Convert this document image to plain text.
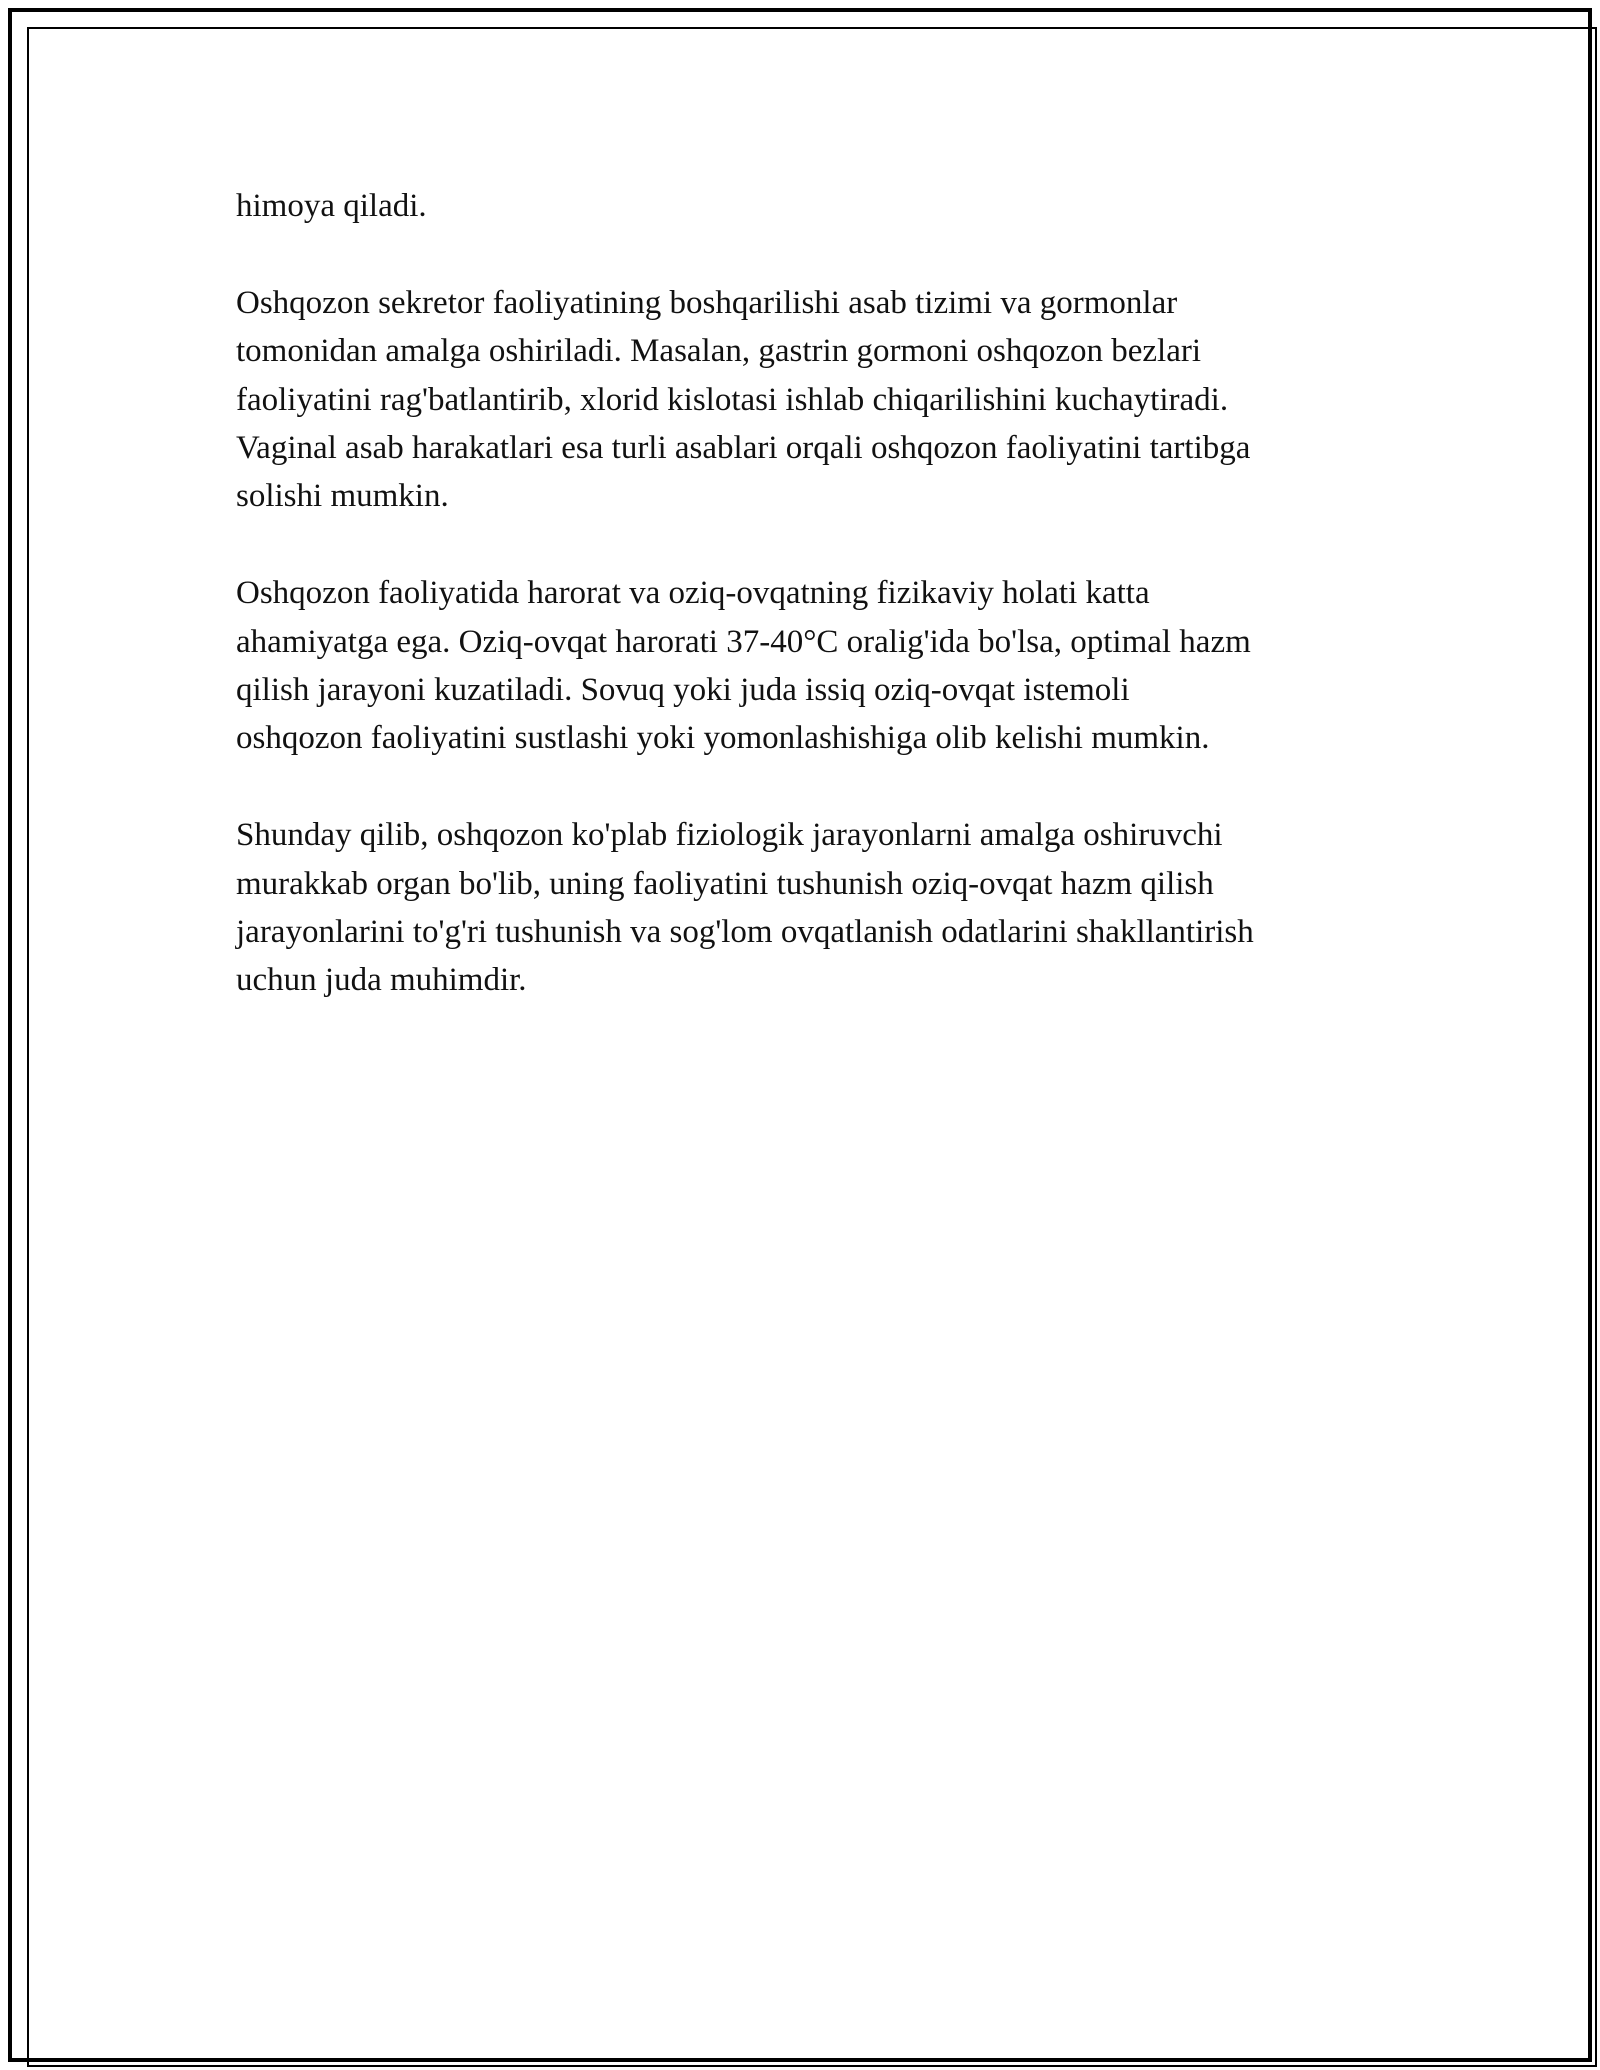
himoya qiladi.

Oshqozon sekretor faoliyatining boshqarilishi asab tizimi va gormonlar
tomonidan amalga oshiriladi. Masalan, gastrin gormoni oshqozon bezlari
faoliyatini rag'batlantirib, xlorid kislotasi ishlab chiqarilishini kuchaytiradi.
Vaginal asab harakatlari esa turli asablari orqali oshqozon faoliyatini tartibga
solishi mumkin.

Oshqozon faoliyatida harorat va oziq-ovqatning fizikaviy holati katta
ahamiyatga ega. Oziq-ovqat harorati 37-40°C oralig'ida bo'lsa, optimal hazm
qilish jarayoni kuzatiladi. Sovuq yoki juda issiq oziq-ovqat istemoli
oshqozon faoliyatini sustlashi yoki yomonlashishiga olib kelishi mumkin.

Shunday qilib, oshqozon ko'plab fiziologik jarayonlarni amalga oshiruvchi
murakkab organ bo'lib, uning faoliyatini tushunish oziq-ovqat hazm qilish
jarayonlarini to'g'ri tushunish va sog'lom ovqatlanish odatlarini shakllantirish
uchun juda muhimdir.
